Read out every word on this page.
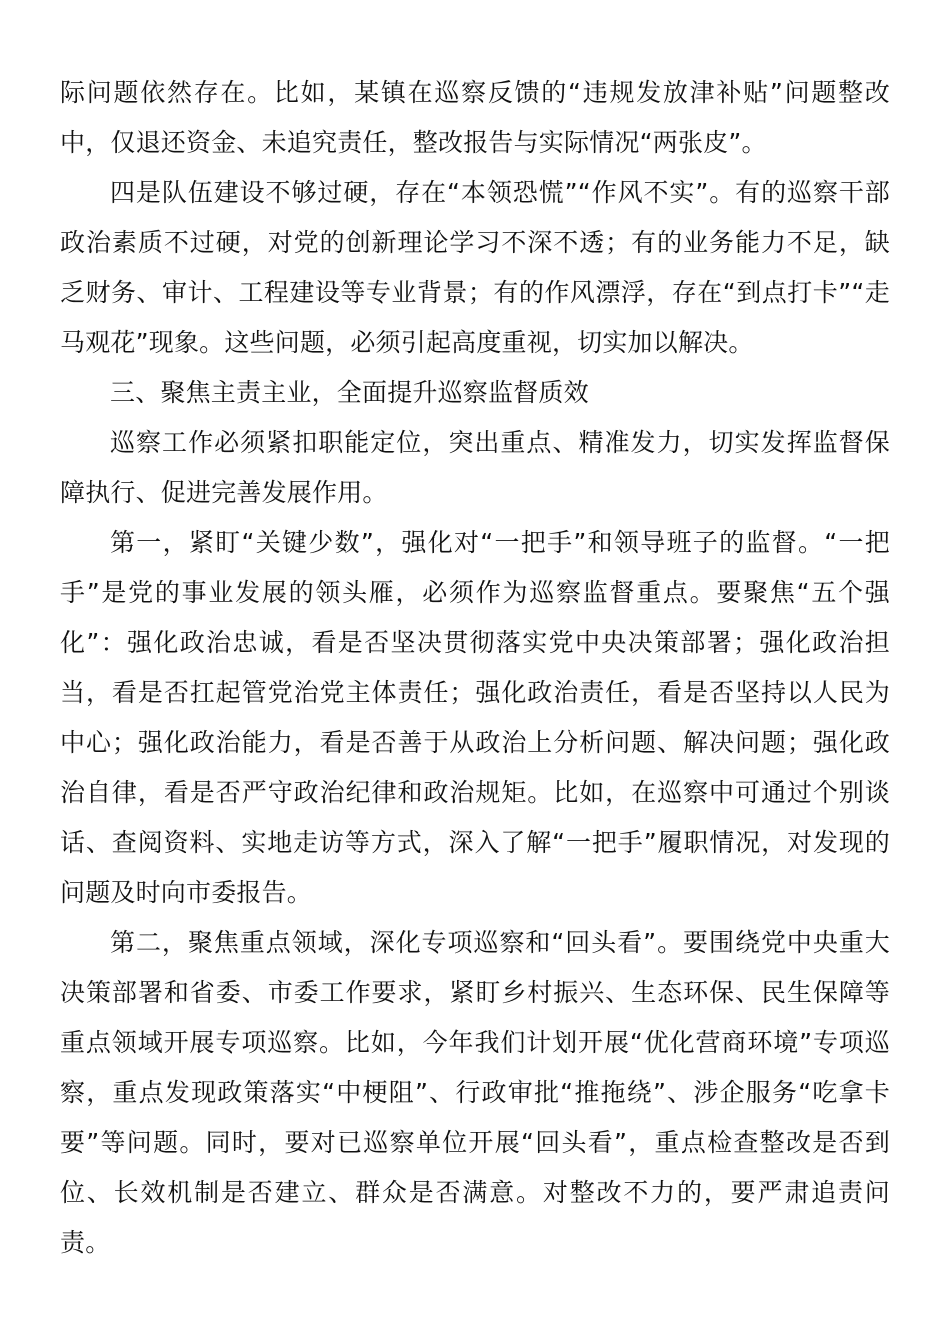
际问题依然存在。比如，某镇在巡察反馈的“违规发放津补贴”问题整改中，仅退还资金、未追究责任，整改报告与实际情况“两张皮”。

四是队伍建设不够过硬，存在“本领恐慌”“作风不实”。有的巡察干部政治素质不过硬，对党的创新理论学习不深不透；有的业务能力不足，缺乏财务、审计、工程建设等专业背景；有的作风漂浮，存在“到点打卡”“走马观花”现象。这些问题，必须引起高度重视，切实加以解决。

三、聚焦主责主业，全面提升巡察监督质效

巡察工作必须紧扣职能定位，突出重点、精准发力，切实发挥监督保障执行、促进完善发展作用。

第一，紧盯“关键少数”，强化对“一把手”和领导班子的监督。“一把手”是党的事业发展的领头雁，必须作为巡察监督重点。要聚焦“五个强化”：强化政治忠诚，看是否坚决贯彻落实党中央决策部署；强化政治担当，看是否扛起管党治党主体责任；强化政治责任，看是否坚持以人民为中心；强化政治能力，看是否善于从政治上分析问题、解决问题；强化政治自律，看是否严守政治纪律和政治规矩。比如，在巡察中可通过个别谈话、查阅资料、实地走访等方式，深入了解“一把手”履职情况，对发现的问题及时向市委报告。

第二，聚焦重点领域，深化专项巡察和“回头看”。要围绕党中央重大决策部署和省委、市委工作要求，紧盯乡村振兴、生态环保、民生保障等重点领域开展专项巡察。比如，今年我们计划开展“优化营商环境”专项巡察，重点发现政策落实“中梗阻”、行政审批“推拖绕”、涉企服务“吃拿卡要”等问题。同时，要对已巡察单位开展“回头看”，重点检查整改是否到位、长效机制是否建立、群众是否满意。对整改不力的，要严肃追责问责。
